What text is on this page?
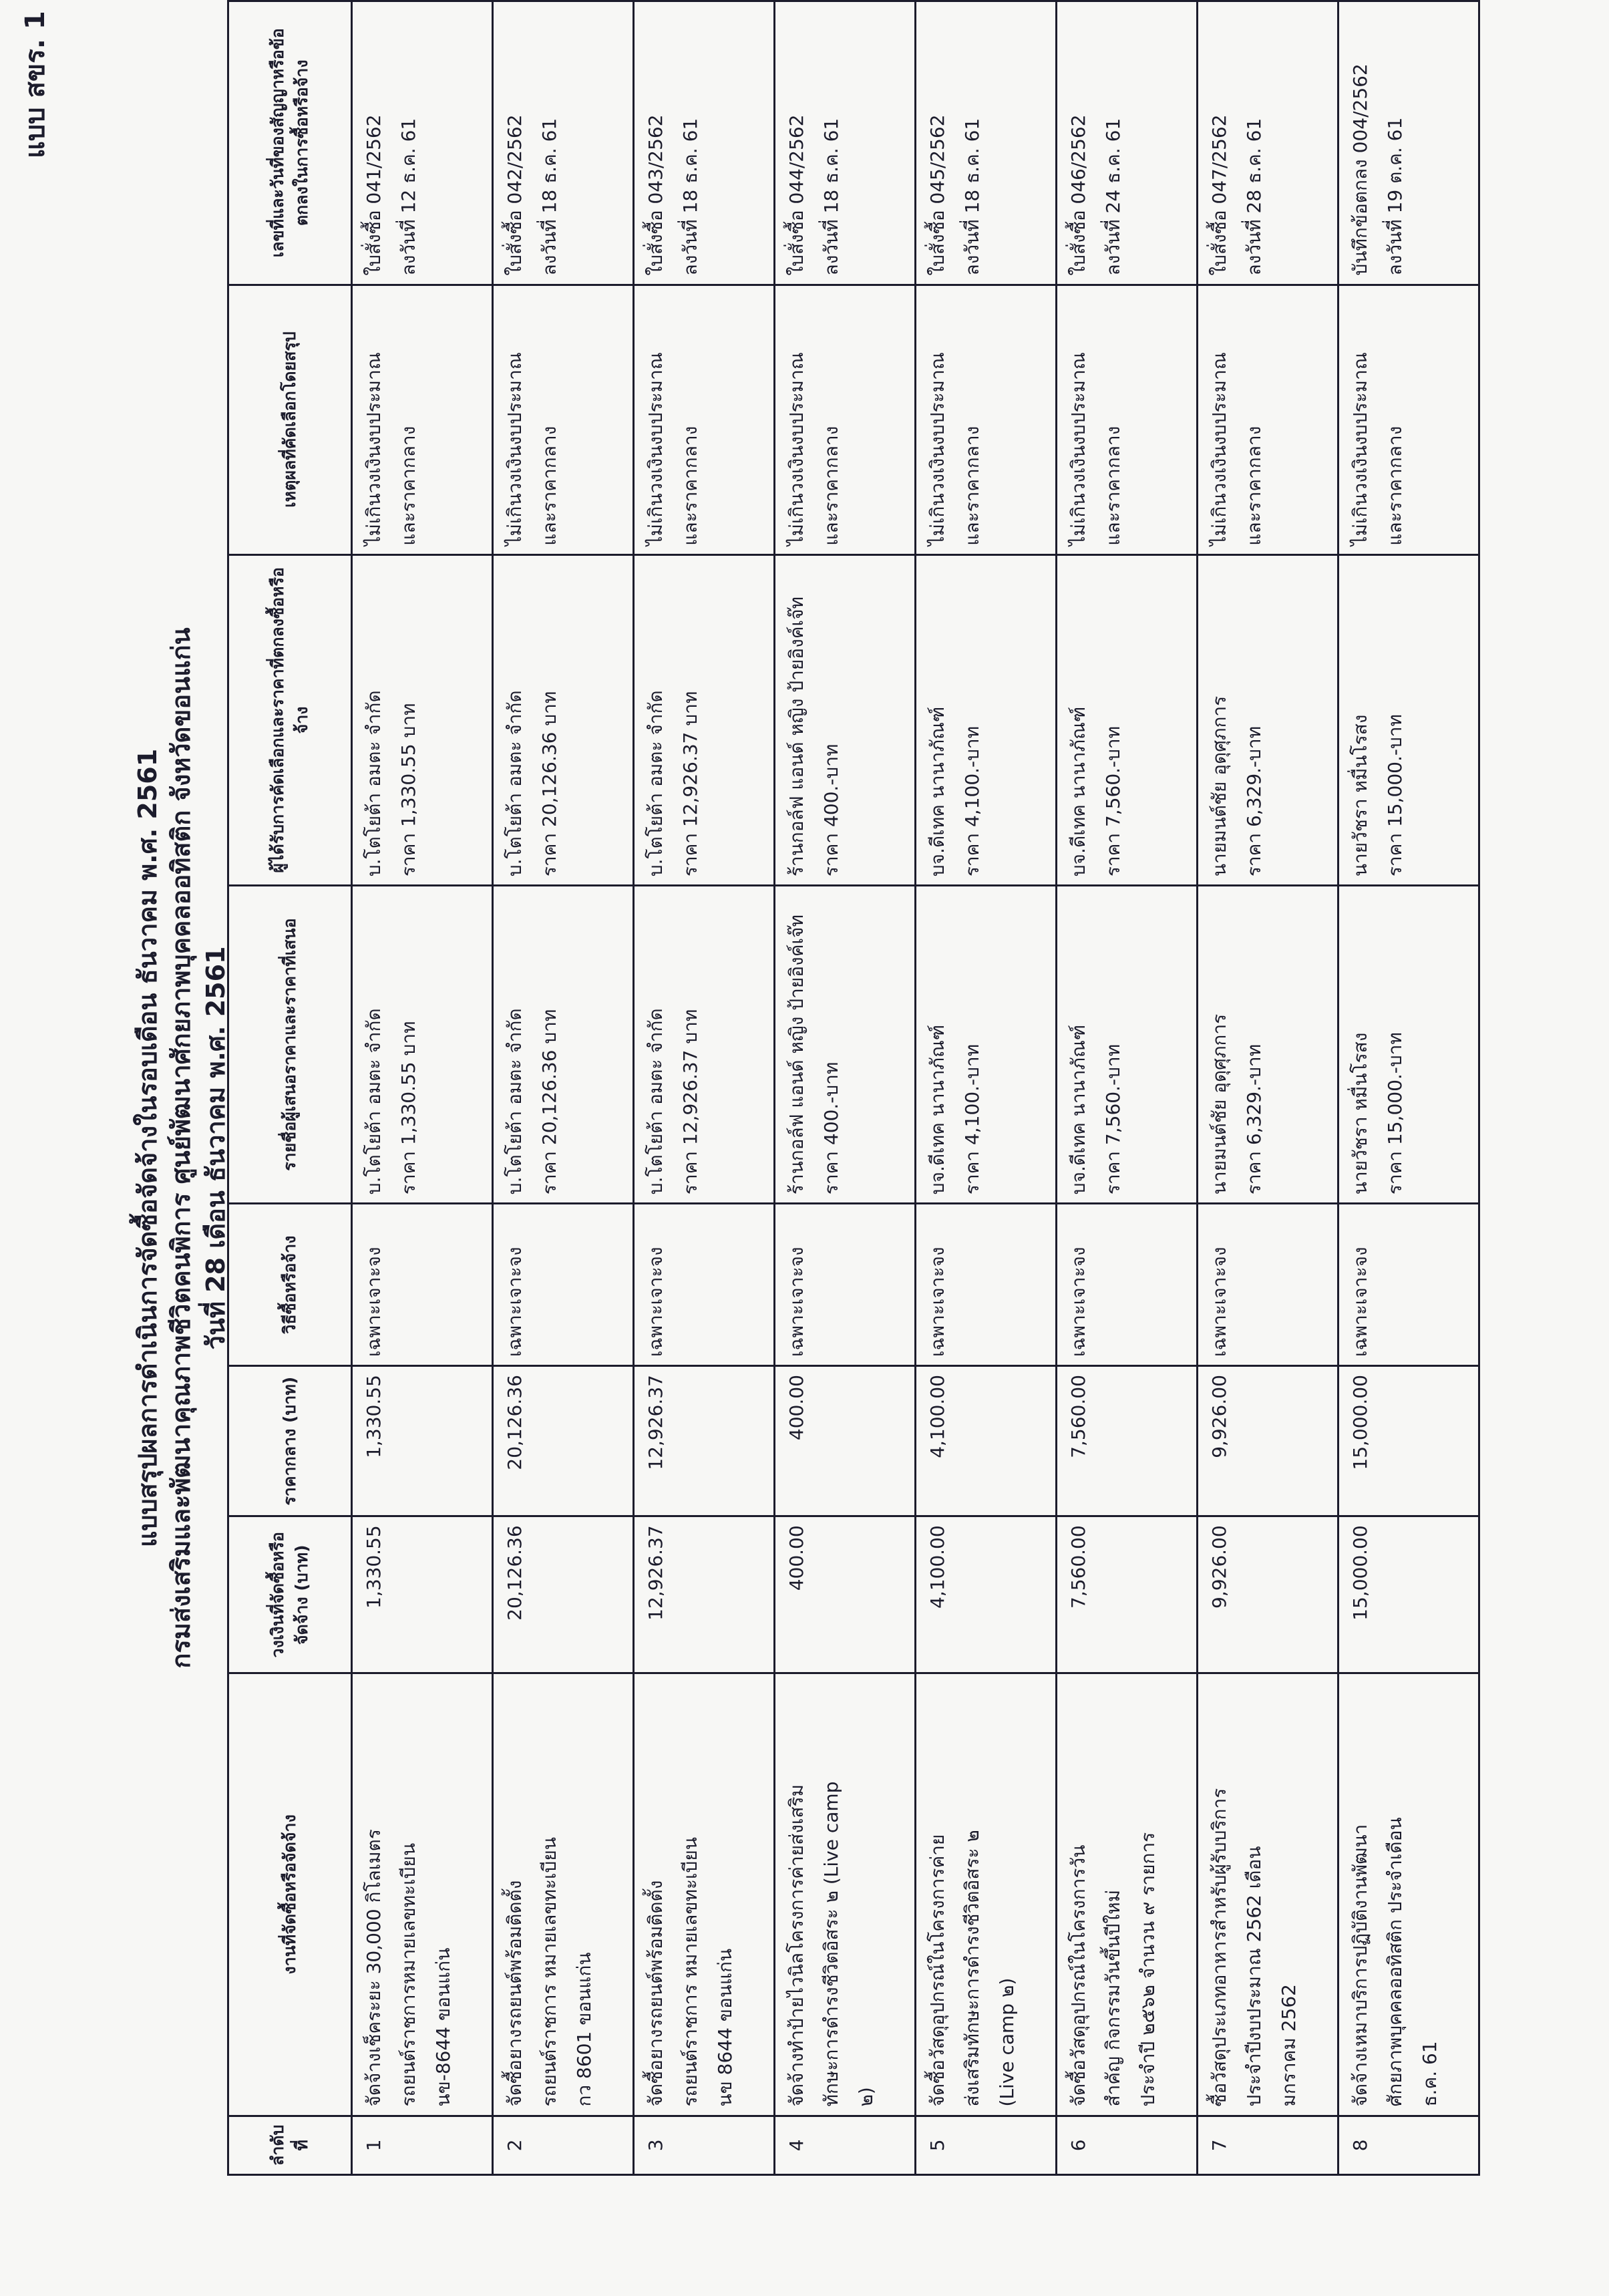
แบบ สขร. 1
แบบสรุปผลการดำเนินการจัดซื้อจัดจ้างในรอบเดือน ธันวาคม พ.ศ. 2561 กรมส่งเสริมและพัฒนาคุณภาพชีวิตคนพิการ ศูนย์พัฒนาศักยภาพบุคคลออทิสติก จังหวัดขอนแก่น วันที่ 28 เดือน ธันวาคม พ.ศ. 2561
ลำดับที่	งานที่จัดซื้อหรือจัดจ้าง	วงเงินที่จัดซื้อหรือจัดจ้าง (บาท)	ราคากลาง (บาท)	วิธีซื้อหรือจ้าง	รายชื่อผู้เสนอราคาและราคาที่เสนอ	ผู้ได้รับการคัดเลือกและราคาที่ตกลงซื้อหรือจ้าง	เหตุผลที่คัดเลือกโดยสรุป	เลขที่และวันที่ของสัญญาหรือข้อตกลงในการซื้อหรือจ้าง
1	จัดจ้างเช็คระยะ 30,000 กิโลเมตร รถยนต์ราชการหมายเลขทะเบียน นข-8644 ขอนแก่น	1,330.55	1,330.55	เฉพาะเจาะจง	บ.โตโยต้า อมตะ จำกัด ราคา 1,330.55 บาท	บ.โตโยต้า อมตะ จำกัด ราคา 1,330.55 บาท	ไม่เกินวงเงินงบประมาณ และราคากลาง	ใบสั่งซื้อ 041/2562 ลงวันที่ 12 ธ.ค. 61

2	จัดซื้อยางรถยนต์พร้อมติดตั้ง รถยนต์ราชการ หมายเลขทะเบียน กว 8601 ขอนแก่น	20,126.36	20,126.36	เฉพาะเจาะจง	บ.โตโยต้า อมตะ จำกัด ราคา 20,126.36 บาท	บ.โตโยต้า อมตะ จำกัด ราคา 20,126.36 บาท	ไม่เกินวงเงินงบประมาณ และราคากลาง	ใบสั่งซื้อ 042/2562 ลงวันที่ 18 ธ.ค. 61

3	จัดซื้อยางรถยนต์พร้อมติดตั้ง รถยนต์ราชการ หมายเลขทะเบียน นข 8644 ขอนแก่น	12,926.37	12,926.37	เฉพาะเจาะจง	บ.โตโยต้า อมตะ จำกัด ราคา 12,926.37 บาท	บ.โตโยต้า อมตะ จำกัด ราคา 12,926.37 บาท	ไม่เกินวงเงินงบประมาณ และราคากลาง	ใบสั่งซื้อ 043/2562 ลงวันที่ 18 ธ.ค. 61

4	จัดจ้างทำป้ายไวนิลโครงการค่ายส่งเสริม ทักษะการดำรงชีวิตอิสระ ๒ (Live camp ๒)	400.00	400.00	เฉพาะเจาะจง	ร้านกอล์ฟ แอนด์ หญิง ป้ายอิงค์เจ๊ท ราคา 400.-บาท	ร้านกอล์ฟ แอนด์ หญิง ป้ายอิงค์เจ๊ท ราคา 400.-บาท	ไม่เกินวงเงินงบประมาณ และราคากลาง	ใบสั่งซื้อ 044/2562 ลงวันที่ 18 ธ.ค. 61

5	จัดซื้อวัสดุอุปกรณ์ในโครงการค่าย ส่งเสริมทักษะการดำรงชีวิตอิสระ ๒ (Live camp ๒)	4,100.00	4,100.00	เฉพาะเจาะจง	บจ.ดีเทค นานาภัณฑ์ ราคา 4,100.-บาท	บจ.ดีเทค นานาภัณฑ์ ราคา 4,100.-บาท	ไม่เกินวงเงินงบประมาณ และราคากลาง	ใบสั่งซื้อ 045/2562 ลงวันที่ 18 ธ.ค. 61

6	จัดซื้อวัสดุอุปกรณ์ในโครงการวัน สำคัญ กิจกรรมวันขึ้นปีใหม่ ประจำปี ๒๕๖๒ จำนวน ๙ รายการ	7,560.00	7,560.00	เฉพาะเจาะจง	บจ.ดีเทค นานาภัณฑ์ ราคา 7,560.-บาท	บจ.ดีเทค นานาภัณฑ์ ราคา 7,560.-บาท	ไม่เกินวงเงินงบประมาณ และราคากลาง	ใบสั่งซื้อ 046/2562 ลงวันที่ 24 ธ.ค. 61

7	ซื้อวัสดุประเภทอาหารสำหรับผู้รับบริการ ประจำปีงบประมาณ 2562 เดือน มกราคม 2562	9,926.00	9,926.00	เฉพาะเจาะจง	นายมนต์ชัย อุดุศุภการ ราคา 6,329.-บาท	นายมนต์ชัย อุดุศุภการ ราคา 6,329.-บาท	ไม่เกินวงเงินงบประมาณ และราคากลาง	ใบสั่งซื้อ 047/2562 ลงวันที่ 28 ธ.ค. 61

8	จัดจ้างเหมาบริการปฏิบัติงานพัฒนา ศักยภาพบุคคลออทิสติก ประจำเดือน ธ.ค. 61	15,000.00	15,000.00	เฉพาะเจาะจง	นายวัชรา หมื่นโรสง ราคา 15,000.-บาท	นายวัชรา หมื่นโรสง ราคา 15,000.-บาท	ไม่เกินวงเงินงบประมาณ และราคากลาง	บันทึกข้อตกลง 004/2562 ลงวันที่ 19 ต.ค. 61
